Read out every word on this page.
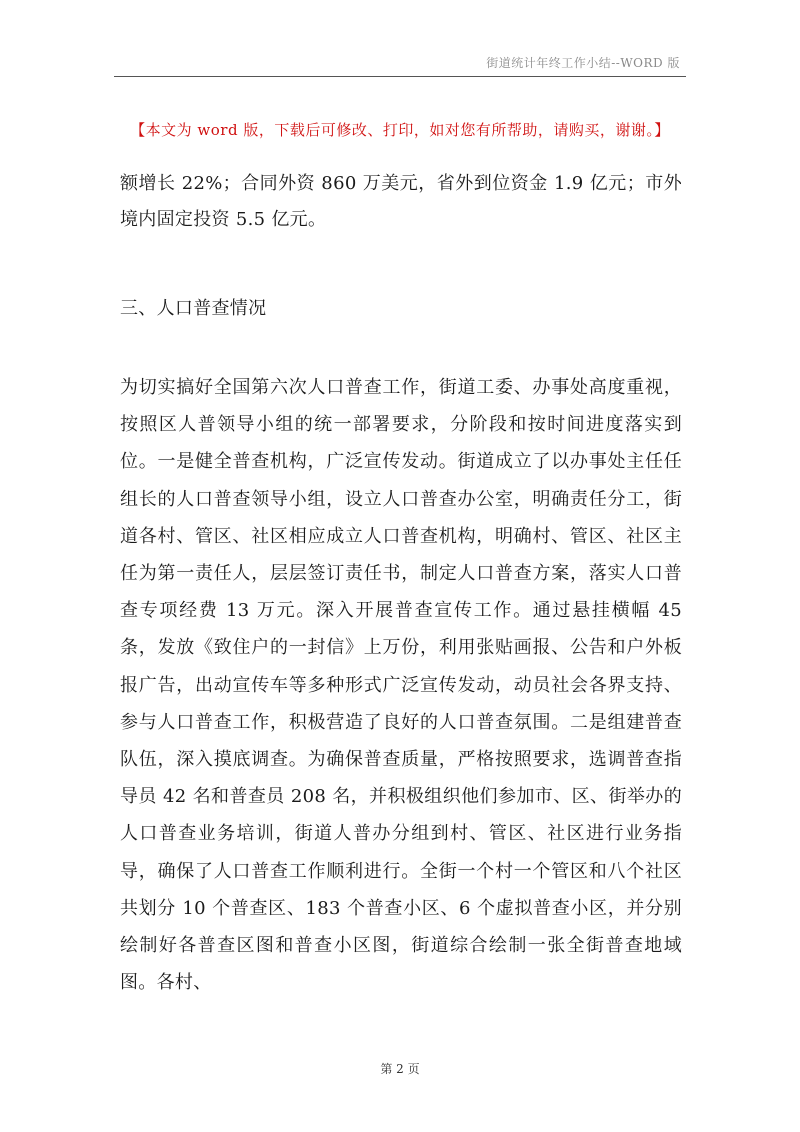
街道统计年终工作小结--WORD 版
【本文为 word 版，下载后可修改、打印，如对您有所帮助，请购买，谢谢。】
额增长 22%；合同外资 860 万美元，省外到位资金 1.9 亿元；市外境内固定投资 5.5 亿元。
三、人口普查情况
为切实搞好全国第六次人口普查工作，街道工委、办事处高度重视，按照区人普领导小组的统一部署要求，分阶段和按时间进度落实到位。一是健全普查机构，广泛宣传发动。街道成立了以办事处主任任组长的人口普查领导小组，设立人口普查办公室，明确责任分工，街道各村、管区、社区相应成立人口普查机构，明确村、管区、社区主任为第一责任人，层层签订责任书，制定人口普查方案，落实人口普查专项经费 13 万元。深入开展普查宣传工作。通过悬挂横幅 45 条，发放《致住户的一封信》上万份，利用张贴画报、公告和户外板报广告，出动宣传车等多种形式广泛宣传发动，动员社会各界支持、参与人口普查工作，积极营造了良好的人口普查氛围。二是组建普查队伍，深入摸底调查。为确保普查质量，严格按照要求，选调普查指导员 42 名和普查员 208 名，并积极组织他们参加市、区、街举办的人口普查业务培训，街道人普办分组到村、管区、社区进行业务指导，确保了人口普查工作顺利进行。全街一个村一个管区和八个社区共划分 10 个普查区、183 个普查小区、6 个虚拟普查小区，并分别绘制好各普查区图和普查小区图，街道综合绘制一张全街普查地域图。各村、
第 2 页
